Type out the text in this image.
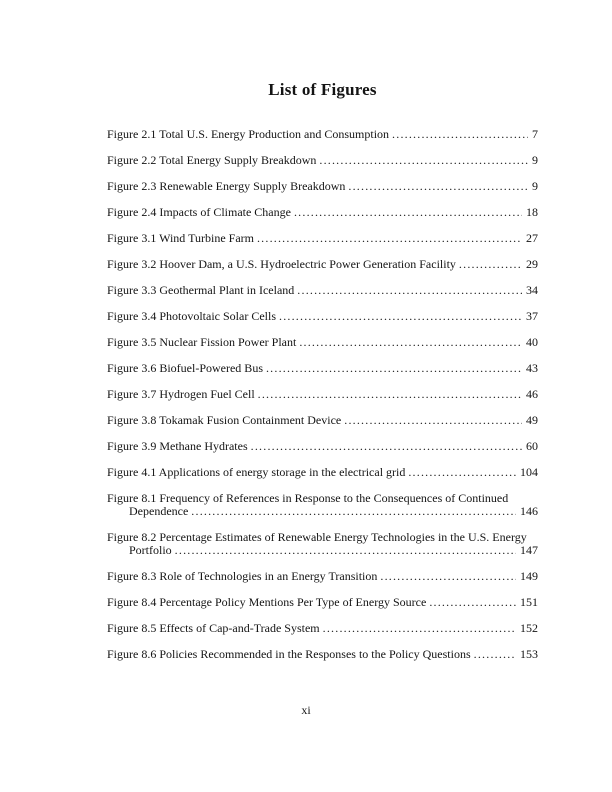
List of Figures
Figure 2.1 Total U.S. Energy Production and Consumption .....	7
Figure 2.2 Total Energy Supply Breakdown .....	9
Figure 2.3 Renewable Energy Supply Breakdown .....	9
Figure 2.4 Impacts of Climate Change .....	18
Figure 3.1 Wind Turbine Farm .....	27
Figure 3.2 Hoover Dam, a U.S. Hydroelectric Power Generation Facility .....	29
Figure 3.3 Geothermal Plant in Iceland .....	34
Figure 3.4 Photovoltaic Solar Cells .....	37
Figure 3.5 Nuclear Fission Power Plant .....	40
Figure 3.6 Biofuel-Powered Bus .....	43
Figure 3.7 Hydrogen Fuel Cell .....	46
Figure 3.8 Tokamak Fusion Containment Device .....	49
Figure 3.9 Methane Hydrates .....	60
Figure 4.1 Applications of energy storage in the electrical grid .....	104
Figure 8.1 Frequency of References in Response to the Consequences of Continued
Dependence .....	146
Figure 8.2 Percentage Estimates of Renewable Energy Technologies in the U.S. Energy
Portfolio .....	147
Figure 8.3 Role of Technologies in an Energy Transition .....	149
Figure 8.4 Percentage Policy Mentions Per Type of Energy Source .....	151
Figure 8.5 Effects of Cap-and-Trade System .....	152
Figure 8.6 Policies Recommended in the Responses to the Policy Questions .....	153
xi
